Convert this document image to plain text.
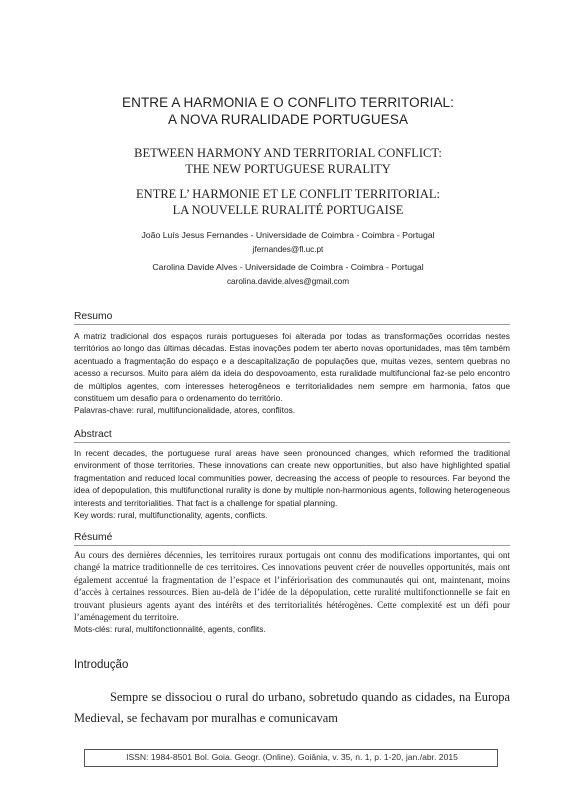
ENTRE A HARMONIA E O CONFLITO TERRITORIAL:
A NOVA RURALIDADE PORTUGUESA
BETWEEN HARMONY AND TERRITORIAL CONFLICT:
THE NEW PORTUGUESE RURALITY
ENTRE L’ HARMONIE ET LE CONFLIT TERRITORIAL:
LA NOUVELLE RURALITÉ PORTUGAISE
João Luís Jesus Fernandes - Universidade de Coimbra - Coimbra - Portugal
jfernandes@fl.uc.pt
Carolina Davide Alves - Universidade de Coimbra - Coimbra - Portugal
carolina.davide.alves@gmail.com
Resumo

A matriz tradicional dos espaços rurais portugueses foi alterada por todas as transformações ocorridas nestes territórios ao longo das últimas décadas. Estas inovações podem ter aberto novas oportunidades, mas têm também acentuado a fragmentação do espaço e a descapitalização de populações que, muitas vezes, sentem quebras no acesso a recursos. Muito para além da ideia do despovoamento, esta ruralidade multifuncional faz-se pelo encontro de múltiplos agentes, com interesses heterogêneos e territorialidades nem sempre em harmonia, fatos que constituem um desafio para o ordenamento do território.

Palavras-chave: rural, multifuncionalidade, atores, conflitos.

Abstract

In recent decades, the portuguese rural areas have seen pronounced changes, which reformed the traditional environment of those territories. These innovations can create new opportunities, but also have highlighted spatial fragmentation and reduced local communities power, decreasing the access of people to resources. Far beyond the idea of depopulation, this multifunctional rurality is done by multiple non-harmonious agents, following heterogeneous interests and territorialities. That fact is a challenge for spatial planning.

Key words: rural, multifunctionality, agents, conflicts.

Résumé

Au cours des dernières décennies, les territoires ruraux portugais ont connu des modifications importantes, qui ont changé la matrice traditionnelle de ces territoires. Ces innovations peuvent créer de nouvelles opportunités, mais ont également accentué la fragmentation de l’espace et l’infériorisation des communautés qui ont, maintenant, moins d’accès à certaines ressources. Bien au-delà de l’idée de la dépopulation, cette ruralité multifonctionnelle se fait en trouvant plusieurs agents ayant des intérêts et des territorialités hétérogènes. Cette complexité est un défi pour l’aménagement du territoire.

Mots-clés: rural, multifonctionnalité, agents, conflits.

Introdução

Sempre se dissociou o rural do urbano, sobretudo quando as cidades, na Europa Medieval, se fechavam por muralhas e comunicavam

ISSN: 1984-8501 Bol. Goia. Geogr. (Online). Goiânia, v. 35, n. 1, p. 1-20, jan./abr. 2015
